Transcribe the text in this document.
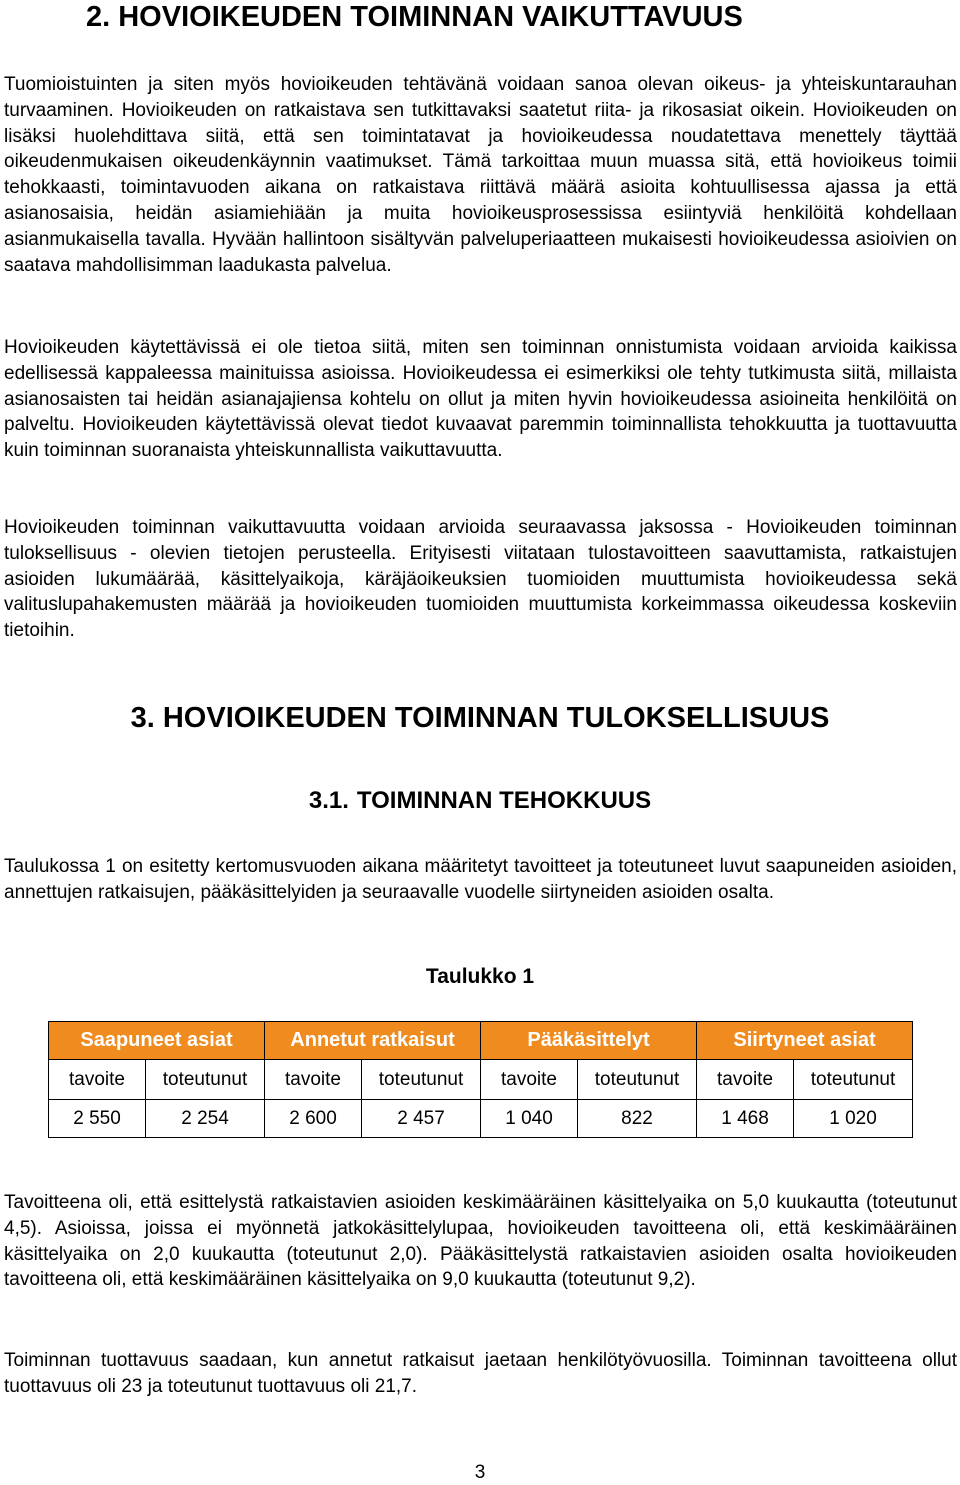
2. HOVIOIKEUDEN TOIMINNAN VAIKUTTAVUUS

Tuomioistuinten ja siten myös hovioikeuden tehtävänä voidaan sanoa olevan oikeus- ja yhteiskuntarauhan turvaaminen. Hovioikeuden on ratkaistava sen tutkittavaksi saatetut riita- ja rikosasiat oikein. Hovioikeuden on lisäksi huolehdittava siitä, että sen toimintatavat ja hovioikeudessa noudatettava menettely täyttää oikeudenmukaisen oikeudenkäynnin vaatimukset. Tämä tarkoittaa muun muassa sitä, että hovioikeus toimii tehokkaasti, toimintavuoden aikana on ratkaistava riittävä määrä asioita kohtuullisessa ajassa ja että asianosaisia, heidän asiamiehiään ja muita hovioikeusprosessissa esiintyviä henkilöitä kohdellaan asianmukaisella tavalla. Hyvään hallintoon sisältyvän palveluperiaatteen mukaisesti hovioikeudessa asioivien on saatava mahdollisimman laadukasta palvelua.

Hovioikeuden käytettävissä ei ole tietoa siitä, miten sen toiminnan onnistumista voidaan arvioida kaikissa edellisessä kappaleessa mainituissa asioissa. Hovioikeudessa ei esimerkiksi ole tehty tutkimusta siitä, millaista asianosaisten tai heidän asianajajiensa kohtelu on ollut ja miten hyvin hovioikeudessa asioineita henkilöitä on palveltu. Hovioikeuden käytettävissä olevat tiedot kuvaavat paremmin toiminnallista tehokkuutta ja tuottavuutta kuin toiminnan suoranaista yhteiskunnallista vaikuttavuutta.

Hovioikeuden toiminnan vaikuttavuutta voidaan arvioida seuraavassa jaksossa - Hovioikeuden toiminnan tuloksellisuus - olevien tietojen perusteella. Erityisesti viitataan tulostavoitteen saavuttamista, ratkaistujen asioiden lukumäärää, käsittelyaikoja, käräjäoikeuksien tuomioiden muuttumista hovioikeudessa sekä valituslupahakemusten määrää ja hovioikeuden tuomioiden muuttumista korkeimmassa oikeudessa koskeviin tietoihin.

3. HOVIOIKEUDEN TOIMINNAN TULOKSELLISUUS
3.1. TOIMINNAN TEHOKKUUS

Taulukossa 1 on esitetty kertomusvuoden aikana määritetyt tavoitteet ja toteutuneet luvut saapuneiden asioiden, annettujen ratkaisujen, pääkäsittelyiden ja seuraavalle vuodelle siirtyneiden asioiden osalta.

Taulukko 1

Saapuneet asiat		Annetut ratkaisut		Pääkäsittelyt		Siirtyneet asiat	
tavoite	toteutunut	tavoite	toteutunut	tavoite	toteutunut	tavoite	toteutunut
2 550	2 254	2 600	2 457	1 040	822	1 468	1 020

Tavoitteena oli, että esittelystä ratkaistavien asioiden keskimääräinen käsittelyaika on 5,0 kuukautta (toteutunut 4,5). Asioissa, joissa ei myönnetä jatkokäsittelylupaa, hovioikeuden tavoitteena oli, että keskimääräinen käsittelyaika on 2,0 kuukautta (toteutunut 2,0). Pääkäsittelystä ratkaistavien asioiden osalta hovioikeuden tavoitteena oli, että keskimääräinen käsittelyaika on 9,0 kuukautta (toteutunut 9,2).

Toiminnan tuottavuus saadaan, kun annetut ratkaisut jaetaan henkilötyövuosilla. Toiminnan tavoitteena ollut tuottavuus oli 23 ja toteutunut tuottavuus oli 21,7.

3
